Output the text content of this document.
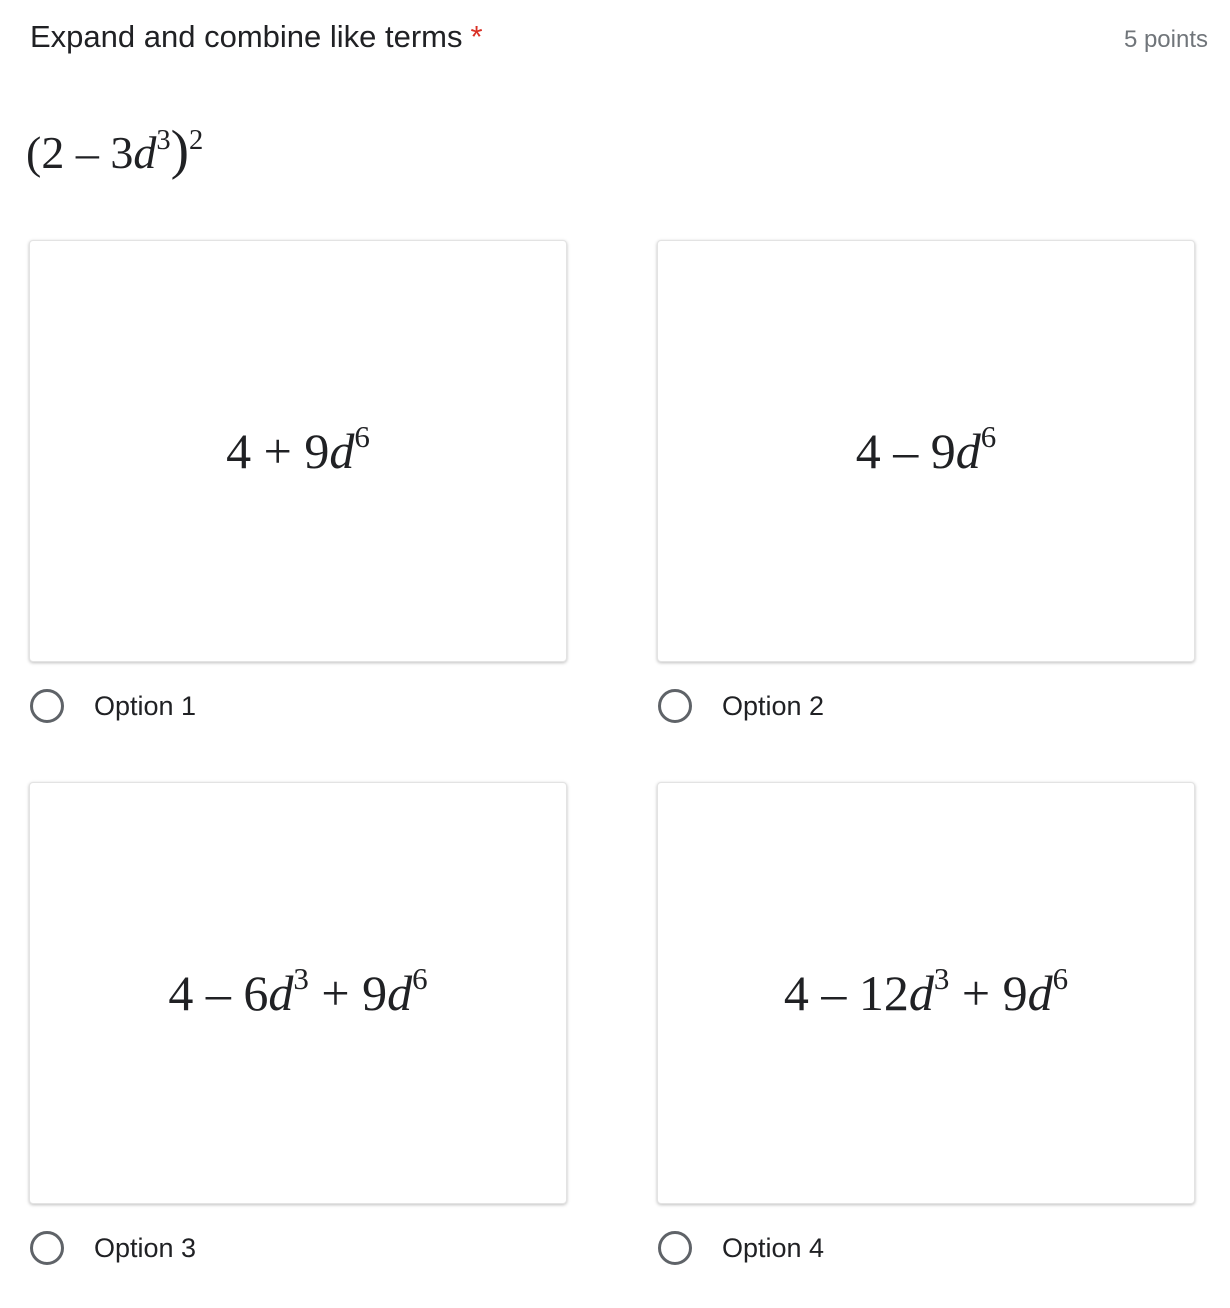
Expand and combine like terms *	5 points
$(2 - 3d^3)^2$
$4 + 9d^6$
Option 1
$4 - 9d^6$
Option 2
$4 - 6d^3 + 9d^6$
Option 3
$4 - 12d^3 + 9d^6$
Option 4
